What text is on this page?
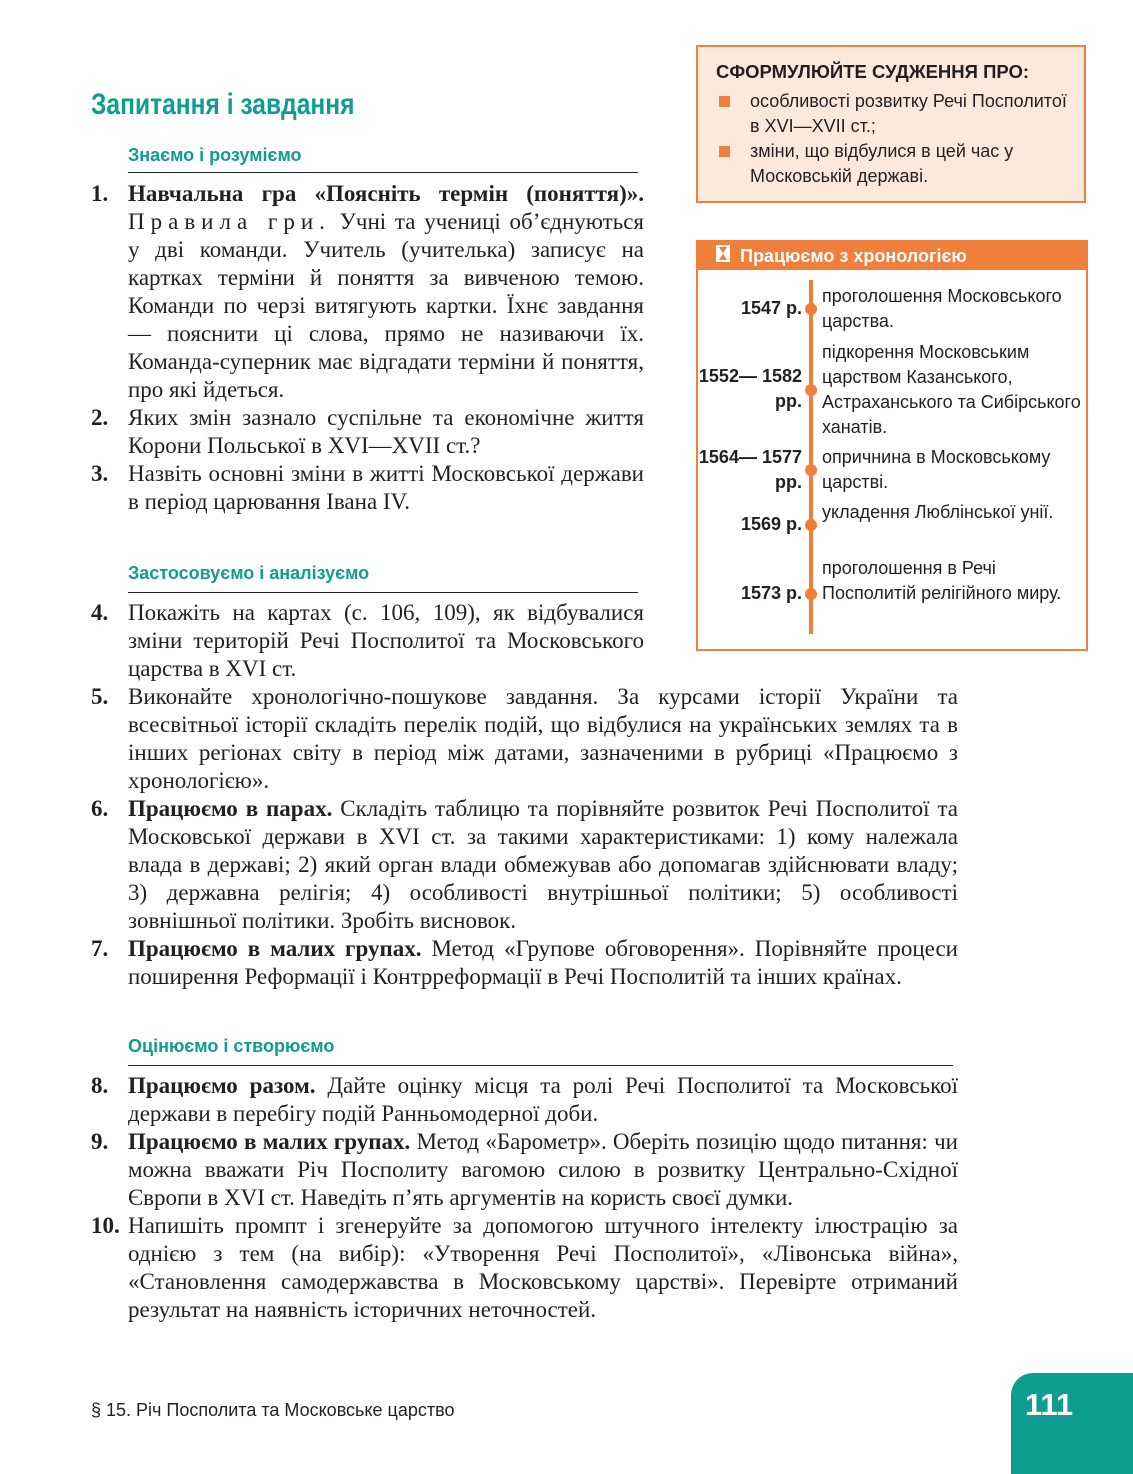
Запитання і завдання
Знаємо і розуміємо
1. Навчальна гра «Поясніть термін (поняття)». Правила гри. Учні та учениці об’єднуються у дві команди. Учитель (учителька) записує на картках терміни й поняття за вивченою темою. Команди по черзі витягують картки. Їхнє завдання — пояснити ці слова, прямо не називаючи їх. Команда-суперник має відгадати терміни й поняття, про які йдеться.
2. Яких змін зазнало суспільне та економічне життя Корони Польської в XVI—XVII ст.?
3. Назвіть основні зміни в житті Московської держави в період царювання Івана IV.
Застосовуємо і аналізуємо
4. Покажіть на картах (с. 106, 109), як відбувалися зміни територій Речі Посполитої та Московського царства в XVI ст.
5. Виконайте хронологічно-пошукове завдання. За курсами історії України та всесвітньої історії складіть перелік подій, що відбулися на українських землях та в інших регіонах світу в період між датами, зазначеними в рубриці «Працюємо з хронологією».
6. Працюємо в парах. Складіть таблицю та порівняйте розвиток Речі Посполитої та Московської держави в XVI ст. за такими характеристиками: 1) кому належала влада в державі; 2) який орган влади обмежував або допомагав здійснювати владу; 3) державна релігія; 4) особливості внутрішньої політики; 5) особливості зовнішньої політики. Зробіть висновок.
7. Працюємо в малих групах. Метод «Групове обговорення». Порівняйте процеси поширення Реформації і Контрреформації в Речі Посполитій та інших країнах.
Оцінюємо і створюємо
8. Працюємо разом. Дайте оцінку місця та ролі Речі Посполитої та Московської держави в перебігу подій Ранньомодерної доби.
9. Працюємо в малих групах. Метод «Барометр». Оберіть позицію щодо питання: чи можна вважати Річ Посполиту вагомою силою в розвитку Центрально-Східної Європи в XVI ст. Наведіть п’ять аргументів на користь своєї думки.
10. Напишіть промпт і згенеруйте за допомогою штучного інтелекту ілюстрацію за однією з тем (на вибір): «Утворення Речі Посполитої», «Лівонська війна», «Становлення самодержавства в Московському царстві». Перевірте отриманий результат на наявність історичних неточностей.
СФОРМУЛЮЙТЕ СУДЖЕННЯ ПРО:
особливості розвитку Речі Посполитої в XVI—XVII ст.;
зміни, що відбулися в цей час у Московській державі.
Працюємо з хронологією
1547 р.
проголошення Московського царства.
1552— 1582 рр.
підкорення Московським царством Казанського, Астраханського та Сибірського ханатів.
1564— 1577 рр.
опричнина в Московському царстві.
1569 р.
укладення Люблінської унії.
1573 р.
проголошення в Речі Посполитій релігійного миру.
§ 15. Річ Посполита та Московське царство	111
